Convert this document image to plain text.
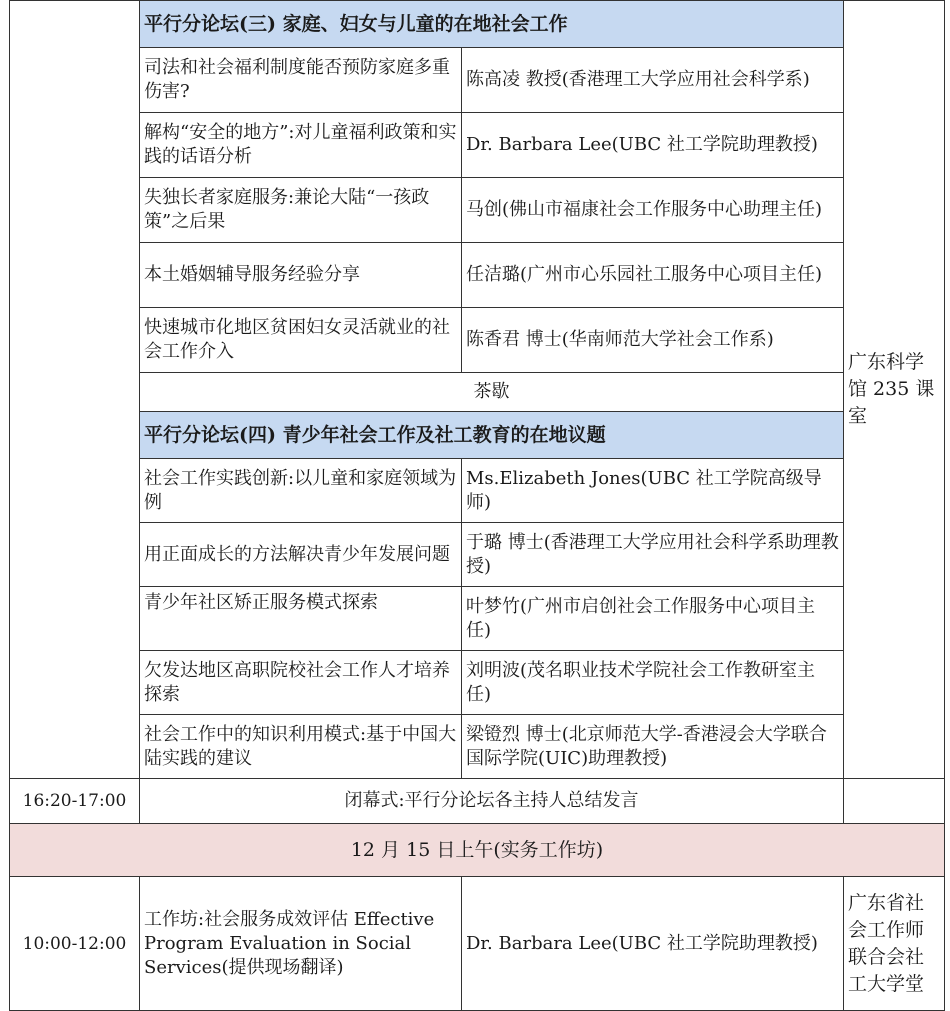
	平行分论坛(三) 家庭、妇女与儿童的在地社会工作		广东科学馆 235 课室

	司法和社会福利制度能否预防家庭多重伤害?	陈高凌 教授(香港理工大学应用社会科学系)	
	解构“安全的地方”:对儿童福利政策和实践的话语分析	Dr. Barbara Lee(UBC 社工学院助理教授)	
	失独长者家庭服务:兼论大陆“一孩政策”之后果	马创(佛山市福康社会工作服务中心助理主任)	
	本土婚姻辅导服务经验分享	任洁璐(广州市心乐园社工服务中心项目主任)	
	快速城市化地区贫困妇女灵活就业的社会工作介入	陈香君 博士(华南师范大学社会工作系)	
	茶歇		
	平行分论坛(四) 青少年社会工作及社工教育的在地议题		
	社会工作实践创新:以儿童和家庭领域为例	Ms.Elizabeth Jones(UBC 社工学院高级导师)	
	用正面成长的方法解决青少年发展问题	于璐 博士(香港理工大学应用社会科学系助理教授)	
	青少年社区矫正服务模式探索	叶梦竹(广州市启创社会工作服务中心项目主任)	
	欠发达地区高职院校社会工作人才培养探索	刘明波(茂名职业技术学院社会工作教研室主任)	
	社会工作中的知识利用模式:基于中国大陆实践的建议	梁镫烈 博士(北京师范大学-香港浸会大学联合国际学院(UIC)助理教授)	
16:20-17:00	闭幕式:平行分论坛各主持人总结发言		
12 月 15 日上午(实务工作坊)			
10:00-12:00	工作坊:社会服务成效评估 Effective Program Evaluation in Social Services(提供现场翻译)	Dr. Barbara Lee(UBC 社工学院助理教授)	广东省社会工作师联合会社工大学堂
